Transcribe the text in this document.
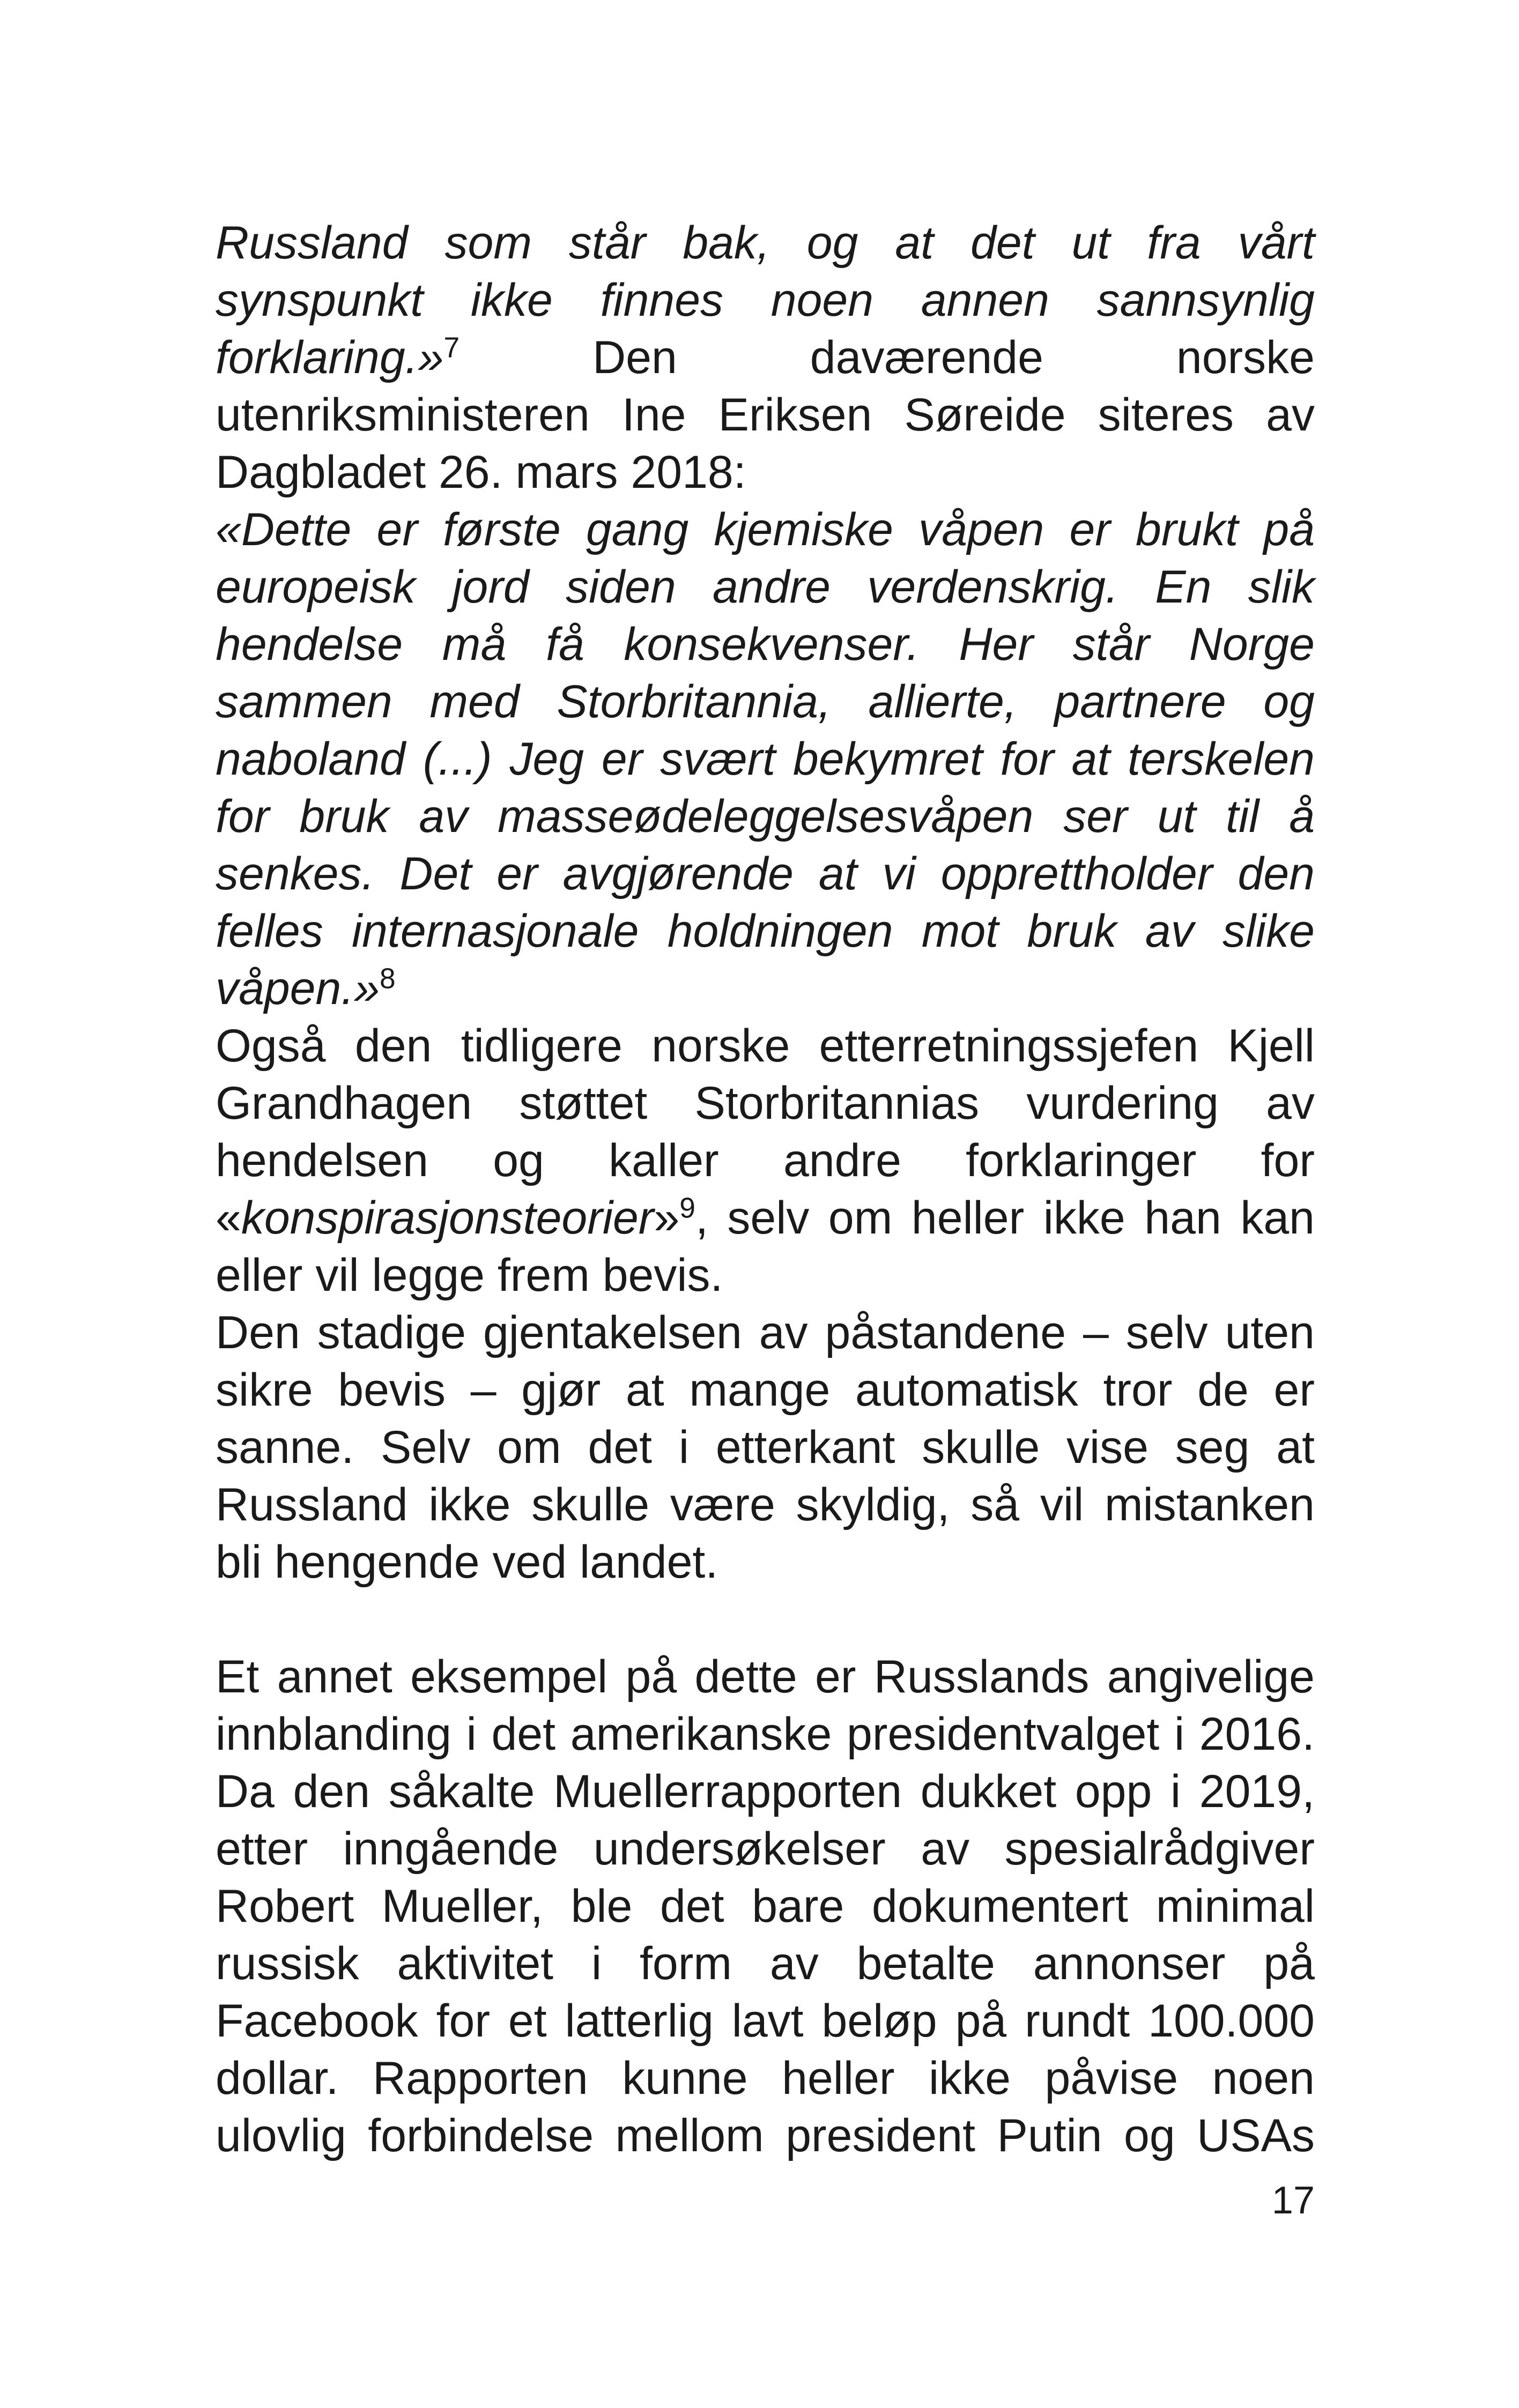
Russland som står bak, og at det ut fra vårt synspunkt ikke finnes noen annen sannsynlig forklaring.»$^7$ Den daværende norske utenriksministeren Ine Eriksen Søreide siteres av Dagbladet 26. mars 2018:

«Dette er første gang kjemiske våpen er brukt på europeisk jord siden andre verdenskrig. En slik hendelse må få konsekvenser. Her står Norge sammen med Storbritannia, allierte, partnere og naboland (...) Jeg er svært bekymret for at terskelen for bruk av masseødeleggelsesvåpen ser ut til å senkes. Det er avgjørende at vi opprettholder den felles internasjonale holdningen mot bruk av slike våpen.»$^8$

Også den tidligere norske etterretningssjefen Kjell Grandhagen støttet Storbritannias vurdering av hendelsen og kaller andre forklaringer for «konspirasjonsteorier»$^9$, selv om heller ikke han kan eller vil legge frem bevis.

Den stadige gjentakelsen av påstandene – selv uten sikre bevis – gjør at mange automatisk tror de er sanne. Selv om det i etterkant skulle vise seg at Russland ikke skulle være skyldig, så vil mistanken bli hengende ved landet.

Et annet eksempel på dette er Russlands angivelige innblanding i det amerikanske presidentvalget i 2016. Da den såkalte Muellerrapporten dukket opp i 2019, etter inngående undersøkelser av spesialrådgiver Robert Mueller, ble det bare dokumentert minimal russisk aktivitet i form av betalte annonser på Facebook for et latterlig lavt beløp på rundt 100.000 dollar. Rapporten kunne heller ikke påvise noen ulovlig forbindelse mellom president Putin og USAs

17
